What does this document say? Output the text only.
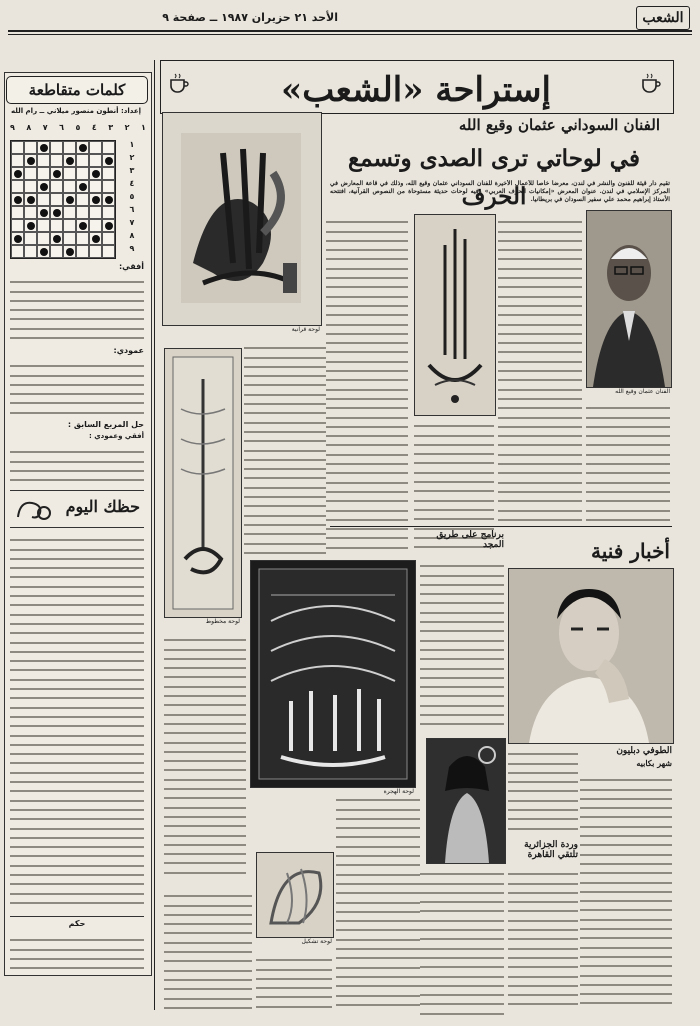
الأحد ٢١ حزيران ١٩٨٧ ــ صفحة ٩	الشعب
إستراحة «الشعب»
الفنان السوداني عثمان وقيع الله
في لوحاتي ترى الصدى وتسمع الحرف
تقيم دار قيثة للفنون والنشر في لندن، معرضاً خاصاً للأعمال الأخيرة للفنان السوداني عثمان وقيع الله، وذلك في قاعة المعارض في المركز الإسلامي في لندن. عنوان المعرض «إمكانيات الحرف العربي» وفيه لوحات حديثة مستوحاة من النصوص القرآنية، افتتحه الأستاذ إبراهيم محمد علي سفير السودان في بريطانيا.
كلمات متقاطعة
إعداد: أنطون منصور ميلاني ــ رام الله
٩ ٨ ٧ ٦ ٥ ٤ ٣ ٢ ١
١
٢
٣
٤
٥
٦
٧
٨
٩
أفقي:
عمودي:
حل المربع السابق :
أفقي وعمودي :
حظك اليوم
حكم
لوحة قرآنية
لوحة مخطوط
الفنان عثمان وقيع الله
لوحة الهجرة
لوحة تشكيل
برنامج على طريق المجد	أخبار فنية
الطوفي دبليون
شهر بكابيه
وردة الجزائرية تلتقي القاهرة
